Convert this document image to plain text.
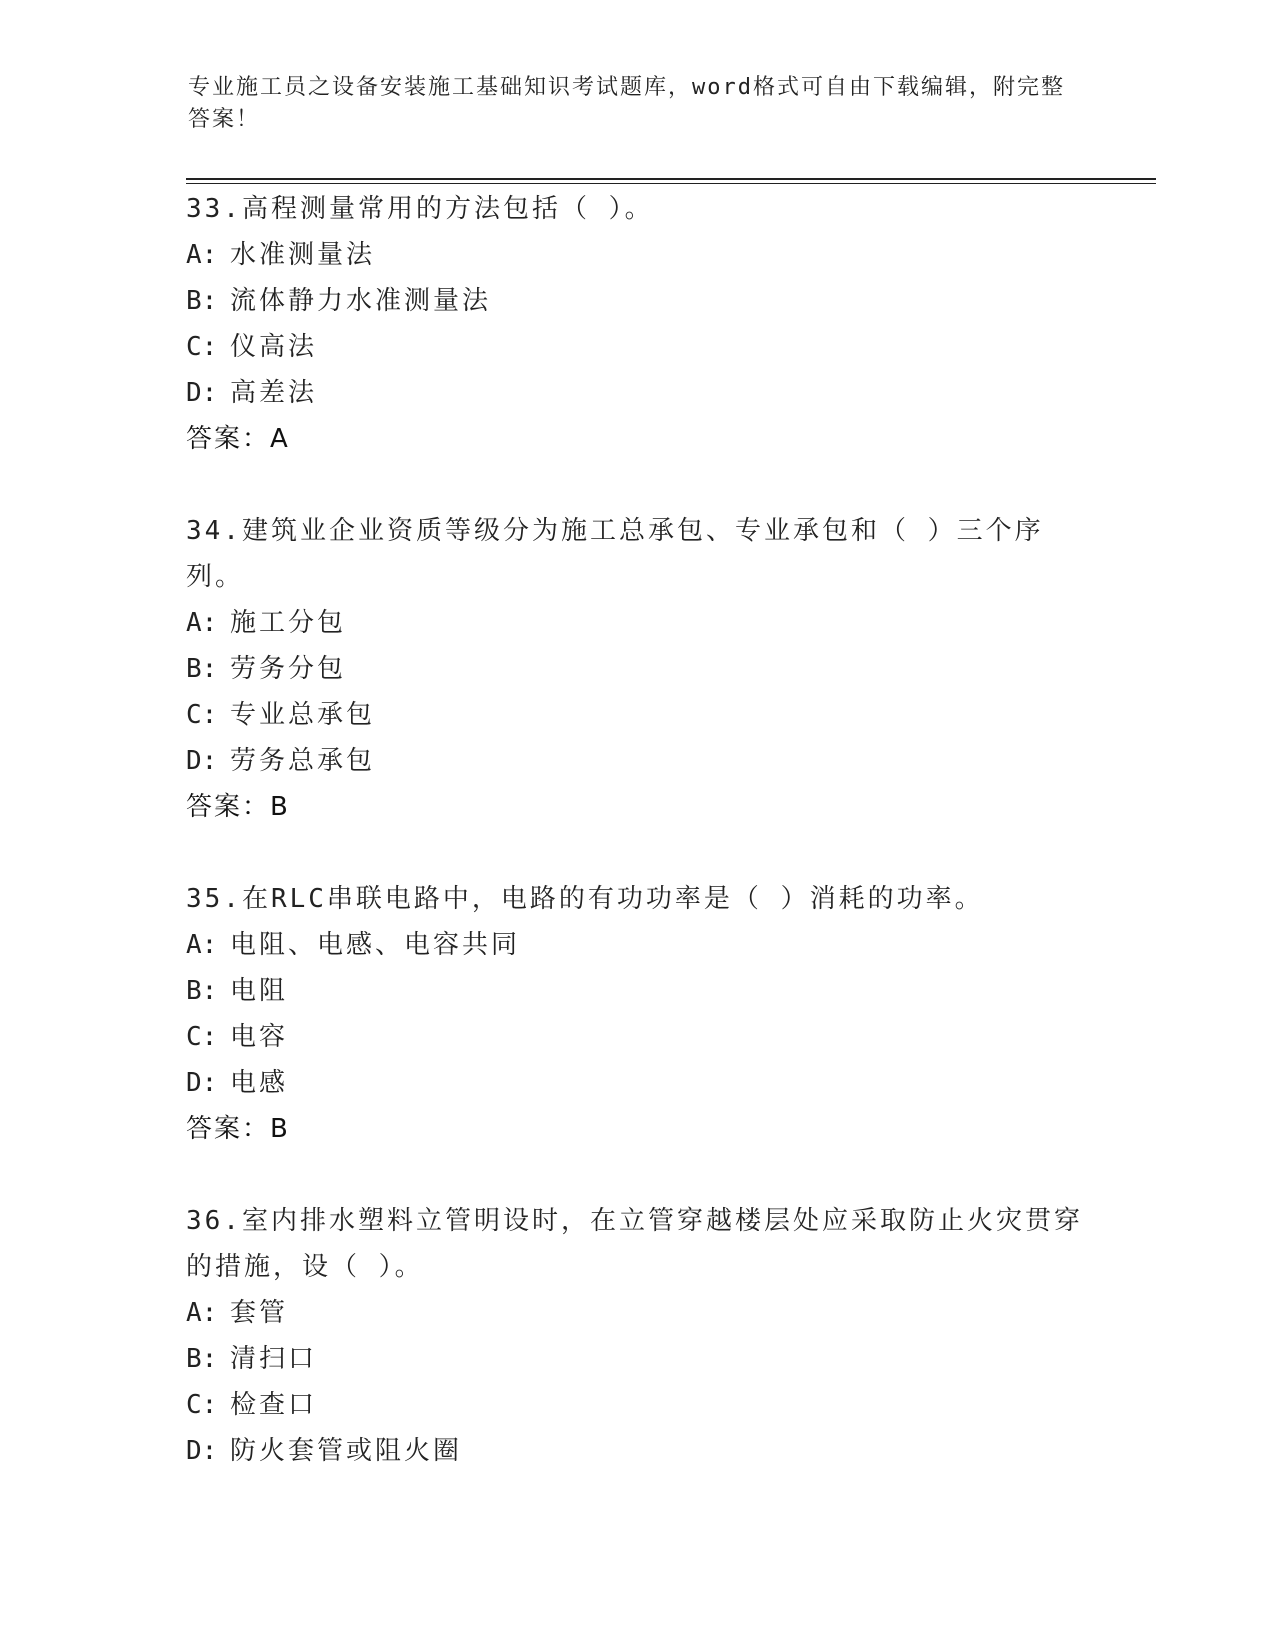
专业施工员之设备安装施工基础知识考试题库，word格式可自由下载编辑，附完整答案！
33.高程测量常用的方法包括（ ）。
A: 水准测量法
B: 流体静力水准测量法
C: 仪高法
D: 高差法
答案：A
34.建筑业企业资质等级分为施工总承包、专业承包和（ ）三个序列。
A: 施工分包
B: 劳务分包
C: 专业总承包
D: 劳务总承包
答案：B
35.在RLC串联电路中，电路的有功功率是（ ）消耗的功率。
A: 电阻、电感、电容共同
B: 电阻
C: 电容
D: 电感
答案：B
36.室内排水塑料立管明设时，在立管穿越楼层处应采取防止火灾贯穿的措施，设（ ）。
A: 套管
B: 清扫口
C: 检查口
D: 防火套管或阻火圈
